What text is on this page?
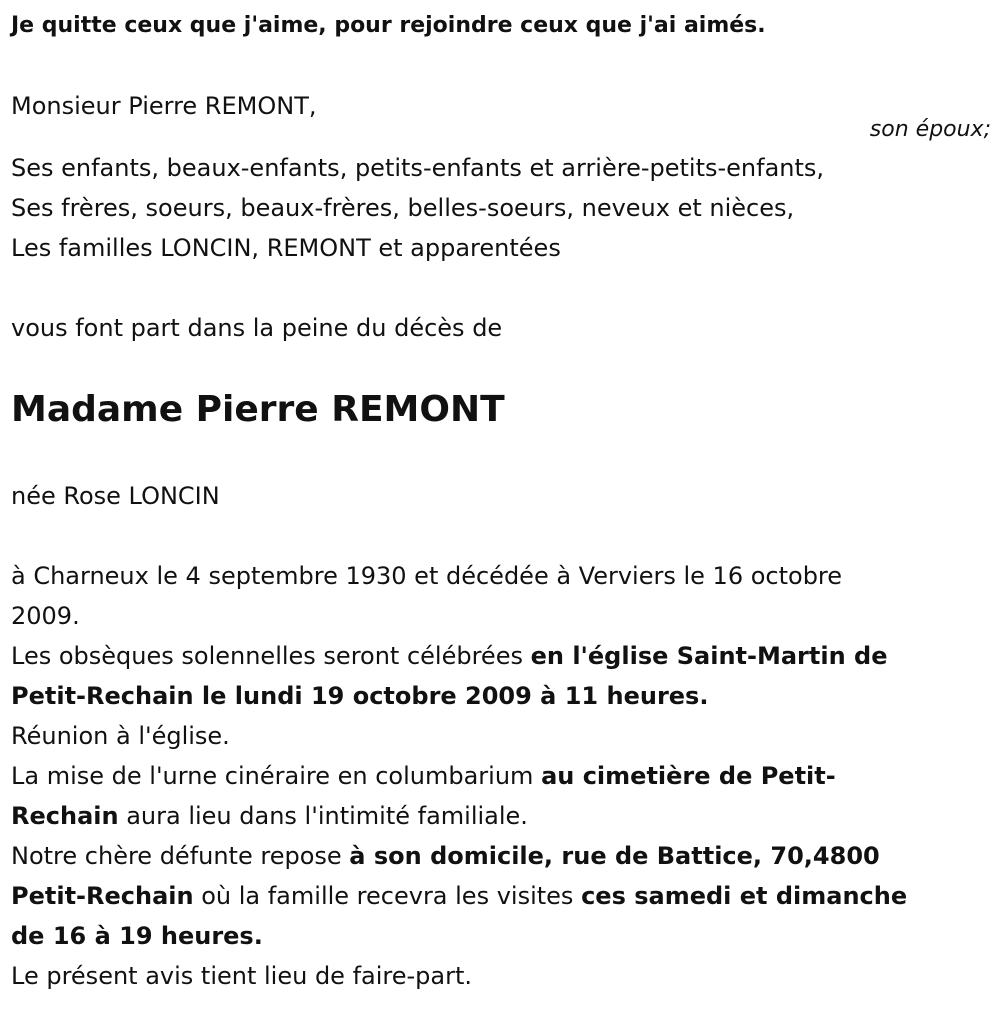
Je quitte ceux que j'aime, pour rejoindre ceux que j'ai aimés.
Monsieur Pierre REMONT,
son époux;
Ses enfants, beaux-enfants, petits-enfants et arrière-petits-enfants,
Ses frères, soeurs, beaux-frères, belles-soeurs, neveux et nièces,
Les familles LONCIN, REMONT et apparentées
vous font part dans la peine du décès de
Madame Pierre REMONT
née Rose LONCIN
à Charneux le 4 septembre 1930 et décédée à Verviers le 16 octobre
2009.
Les obsèques solennelles seront célébrées en l'église Saint-Martin de
Petit-Rechain le lundi 19 octobre 2009 à 11 heures.
Réunion à l'église.
La mise de l'urne cinéraire en columbarium au cimetière de Petit-
Rechain aura lieu dans l'intimité familiale.
Notre chère défunte repose à son domicile, rue de Battice, 70,4800
Petit-Rechain où la famille recevra les visites ces samedi et dimanche
de 16 à 19 heures.
Le présent avis tient lieu de faire-part.
